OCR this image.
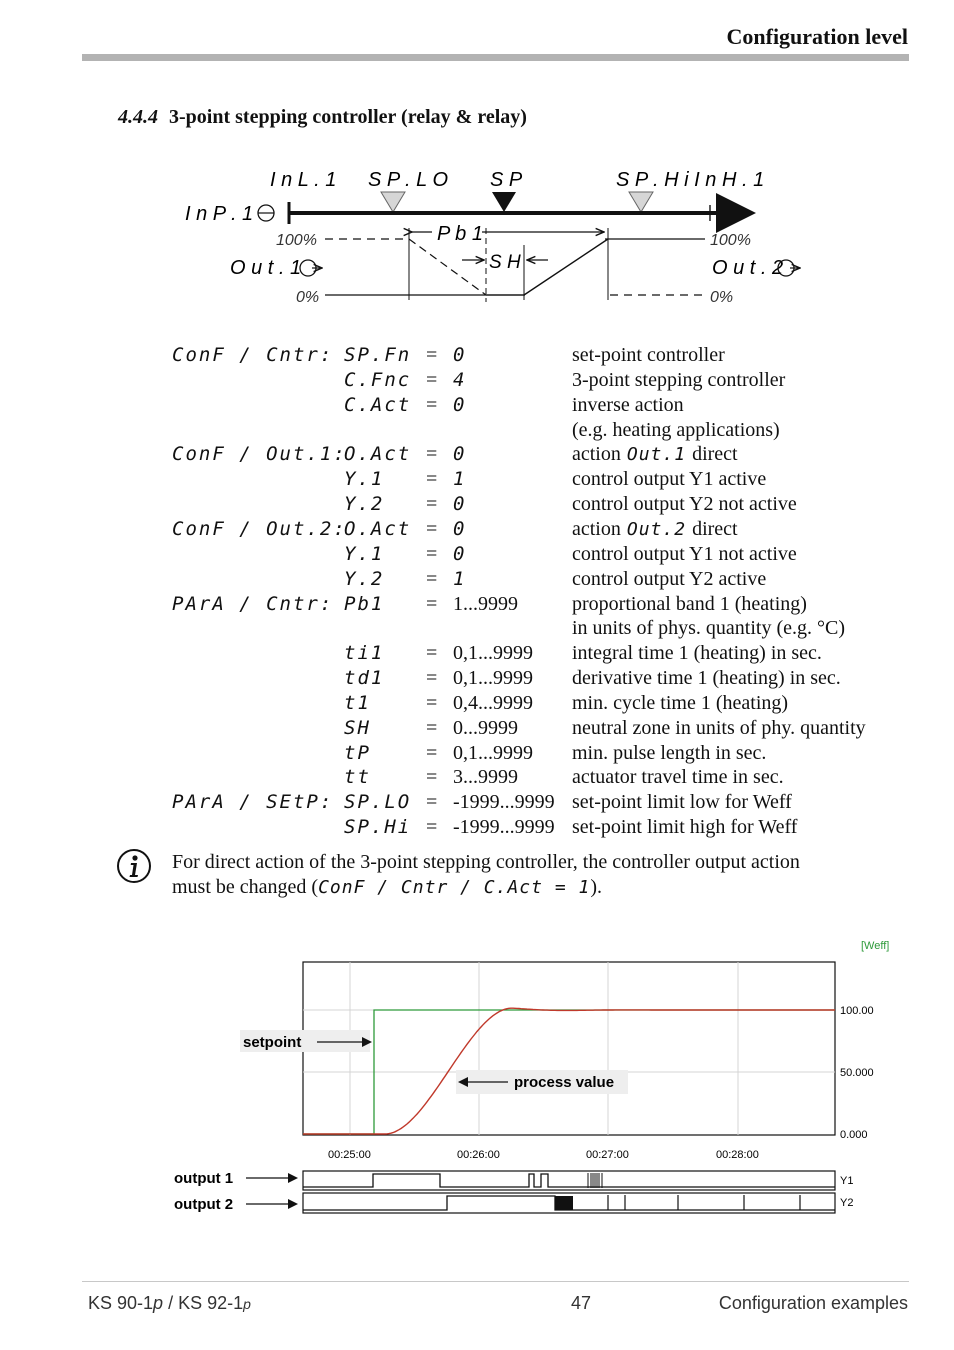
Configuration level
4.4.4 3-point stepping controller (relay & relay)
I n L . 1 S P . L O S P	S P . H i I n H . 1
I n P . 1
100%	100%
0%	0%
O u t . 1	O u t . 2
P b 1
S H
ConF / Cntr: SP.Fn = 0	set-point controller
C.Fnc = 4	3-point stepping controller
C.Act = 0	inverse action
(e.g. heating applications)
ConF / Out.1:
O.Act = 0	action Out.1 direct
Y.1 = 1	control output Y1 active
Y.2 = 0	control output Y2 not active
ConF / Out.2:
O.Act = 0	action Out.2 direct
Y.1 = 0	control output Y1 not active
Y.2 = 1	control output Y2 active
PArA / Cntr: Pb1 = 1...9999	proportional band 1 (heating)
in units of phys. quantity (e.g. °C)
ti1 = 0,1...9999 integral time 1 (heating) in sec.
td1 = 0,1...9999 derivative time 1 (heating) in sec.
t1	= 0,4...9999 min. cycle time 1 (heating)
SH	= 0...9999	neutral zone in units of phy. quantity
tP	= 0,1...9999 min. pulse length in sec.
tt	= 3...9999	actuator travel time in sec.
PArA / SEtP: SP.LO = -1999...9999 set-point limit low for Weff
SP.Hi = -1999...9999 set-point limit high for Weff
For direct action of the 3-point stepping controller, the controller output action
must be changed (ConF / Cntr / C.Act = 1).
[Weff]
100.00
50.000
0.000
00:25:00	00:26:00	00:27:00	00:28:00
setpoint
process value
output 1
output 2
Y1
Y2
KS 90-1p / KS 92-1p	47	Configuration examples
